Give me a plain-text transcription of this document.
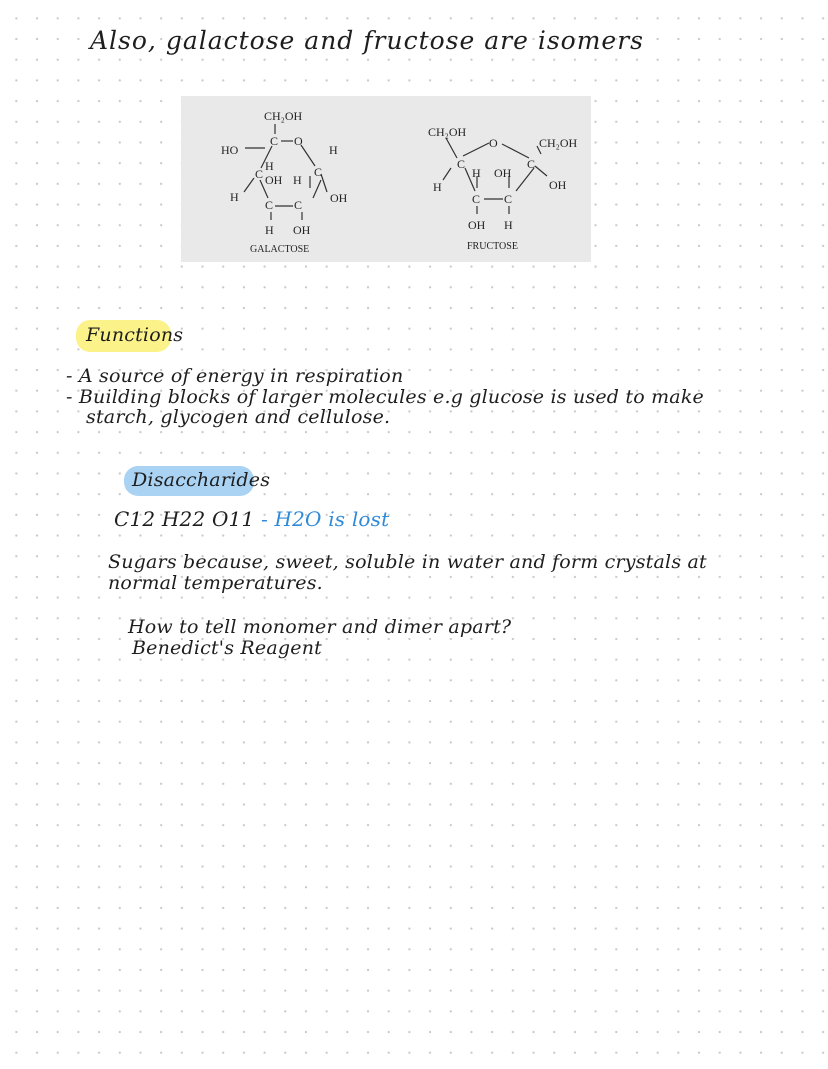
Also, galactose and fructose are isomers
CH₂OH
C O
HO	H
H
C OH H
C
H	OH
C C
H OH
GALACTOSE
CH₂OH
O	CH₂OH
C	C
H
H OH
OH
C C
OH H
FRUCTOSE
Functions
- A source of energy in respiration
- Building blocks of larger molecules e.g glucose is used to make
starch, glycogen and cellulose.
Disaccharides
C12 H22 O11 - H2O is lost
Sugars because, sweet, soluble in water and form crystals at
normal temperatures.
How to tell monomer and dimer apart?
Benedict's Reagent
